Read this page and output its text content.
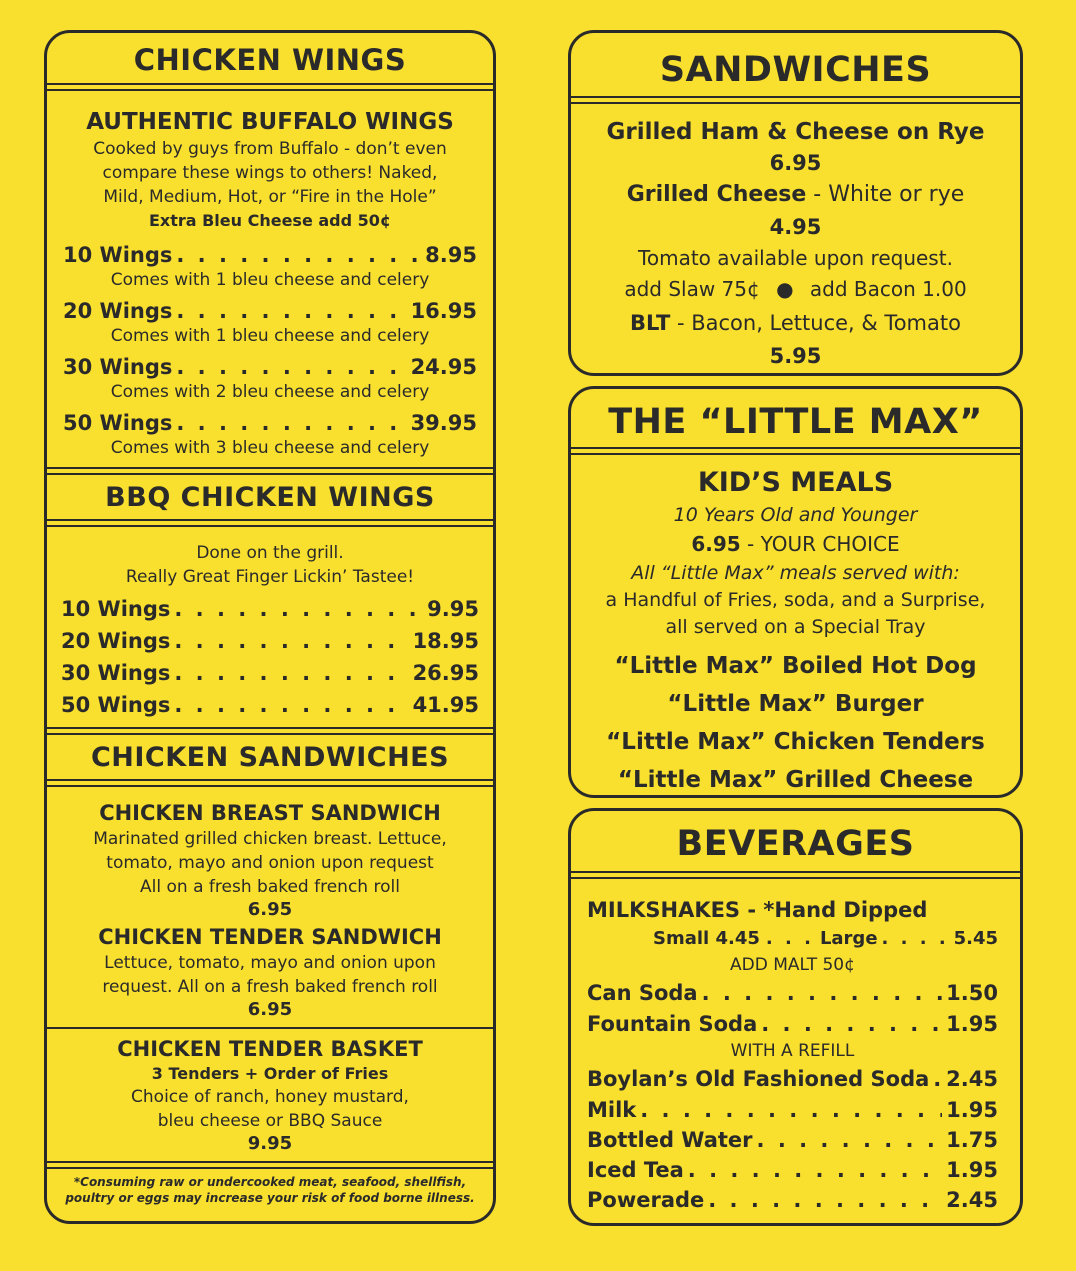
CHICKEN WINGS
AUTHENTIC BUFFALO WINGS
Cooked by guys from Buffalo - don’t even
compare these wings to others! Naked,
Mild, Medium, Hot, or “Fire in the Hole”
Extra Bleu Cheese add 50¢
10 Wings . . .	8.95
Comes with 1 bleu cheese and celery
20 Wings . . .	16.95
Comes with 1 bleu cheese and celery
30 Wings . . .	24.95
Comes with 2 bleu cheese and celery
50 Wings . . .	39.95
Comes with 3 bleu cheese and celery
BBQ CHICKEN WINGS
Done on the grill.
Really Great Finger Lickin’ Tastee!
10 Wings . . .	9.95
20 Wings . . .	18.95
30 Wings . . .	26.95
50 Wings . . .	41.95
CHICKEN SANDWICHES
CHICKEN BREAST SANDWICH
Marinated grilled chicken breast. Lettuce,
tomato, mayo and onion upon request
All on a fresh baked french roll
6.95
CHICKEN TENDER SANDWICH
Lettuce, tomato, mayo and onion upon
request. All on a fresh baked french roll
6.95
CHICKEN TENDER BASKET
3 Tenders + Order of Fries
Choice of ranch, honey mustard,
bleu cheese or BBQ Sauce
9.95
*Consuming raw or undercooked meat, seafood, shellfish,
poultry or eggs may increase your risk of food borne illness.
SANDWICHES
Grilled Ham & Cheese on Rye
6.95
Grilled Cheese - White or rye
4.95
Tomato available upon request.
add Slaw 75¢ ● add Bacon 1.00
BLT - Bacon, Lettuce, & Tomato
5.95
THE “LITTLE MAX”
KID’S MEALS
10 Years Old and Younger
6.95 - YOUR CHOICE
All “Little Max” meals served with:
a Handful of Fries, soda, and a Surprise,
all served on a Special Tray
“Little Max” Boiled Hot Dog
“Little Max” Burger
“Little Max” Chicken Tenders
“Little Max” Grilled Cheese
BEVERAGES
MILKSHAKES - *Hand Dipped
Small 4.45 . . . Large . . .	5.45
ADD MALT 50¢
Can Soda . . .	1.50
Fountain Soda . . .	1.95
WITH A REFILL
Boylan’s Old Fashioned Soda . . . 2.45
Milk . . .	1.95
Bottled Water . . .	1.75
Iced Tea . . .	1.95
Powerade . . .	2.45
